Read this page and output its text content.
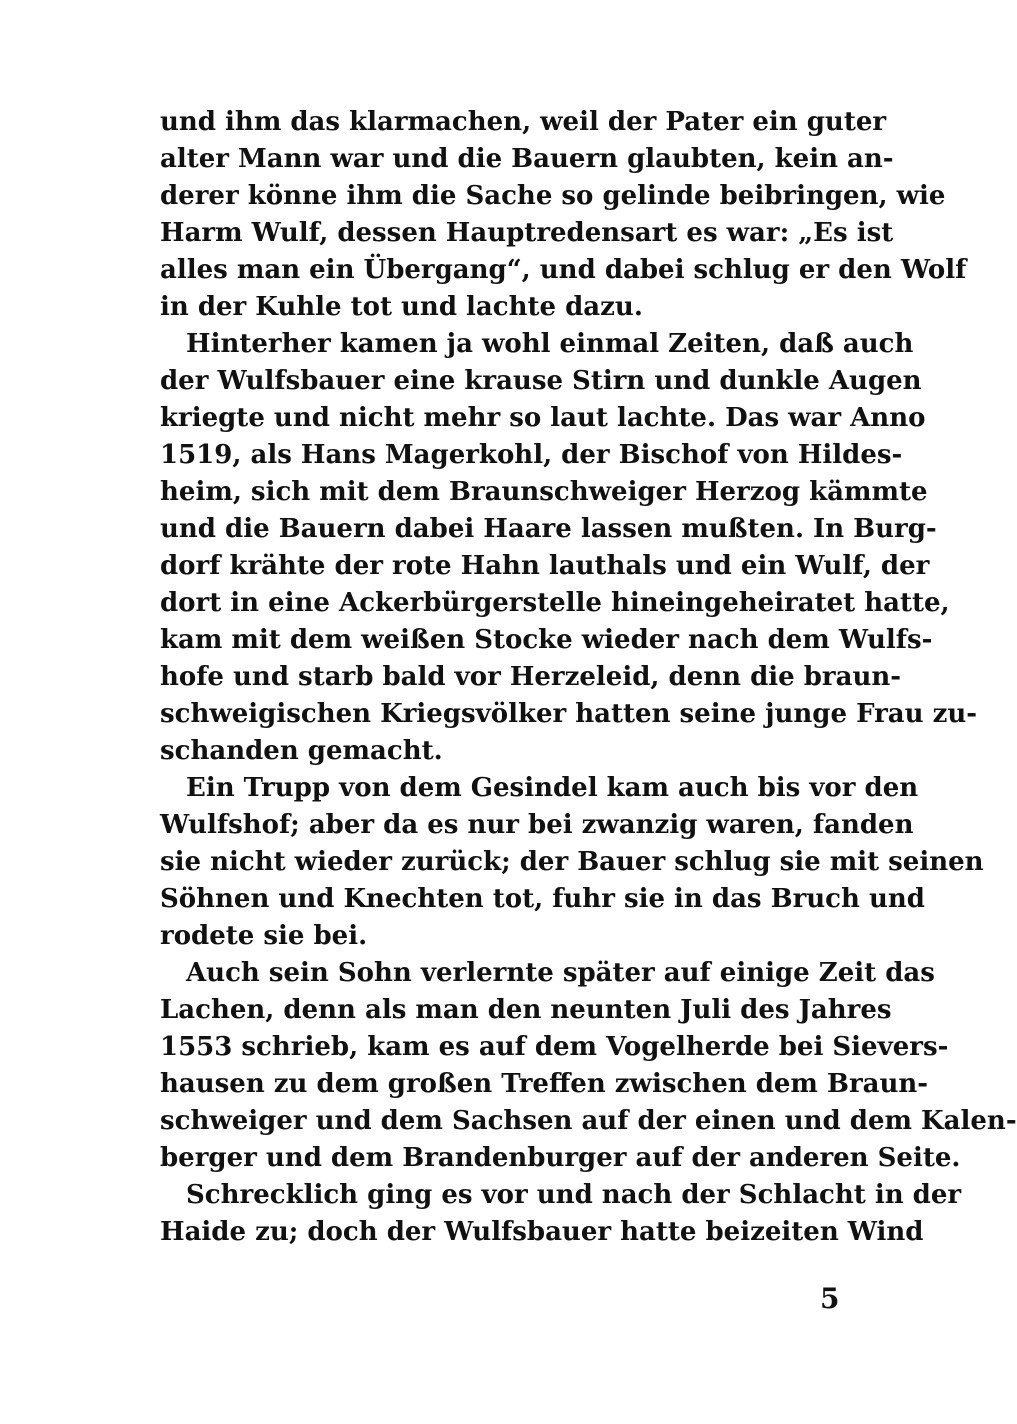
und ihm das klarmachen, weil der Pater ein guter
alter Mann war und die Bauern glaubten, kein an-
derer könne ihm die Sache so gelinde beibringen, wie
Harm Wulf, dessen Hauptredensart es war: „Es ist
alles man ein Übergang“, und dabei schlug er den Wolf
in der Kuhle tot und lachte dazu.
Hinterher kamen ja wohl einmal Zeiten, daß auch
der Wulfsbauer eine krause Stirn und dunkle Augen
kriegte und nicht mehr so laut lachte. Das war Anno
1519, als Hans Magerkohl, der Bischof von Hildes-
heim, sich mit dem Braunschweiger Herzog kämmte
und die Bauern dabei Haare lassen mußten. In Burg-
dorf krähte der rote Hahn lauthals und ein Wulf, der
dort in eine Ackerbürgerstelle hineingeheiratet hatte,
kam mit dem weißen Stocke wieder nach dem Wulfs-
hofe und starb bald vor Herzeleid, denn die braun-
schweigischen Kriegsvölker hatten seine junge Frau zu-
schanden gemacht.
Ein Trupp von dem Gesindel kam auch bis vor den
Wulfshof; aber da es nur bei zwanzig waren, fanden
sie nicht wieder zurück; der Bauer schlug sie mit seinen
Söhnen und Knechten tot, fuhr sie in das Bruch und
rodete sie bei.
Auch sein Sohn verlernte später auf einige Zeit das
Lachen, denn als man den neunten Juli des Jahres
1553 schrieb, kam es auf dem Vogelherde bei Sievers-
hausen zu dem großen Treffen zwischen dem Braun-
schweiger und dem Sachsen auf der einen und dem Kalen-
berger und dem Brandenburger auf der anderen Seite.
Schrecklich ging es vor und nach der Schlacht in der
Haide zu; doch der Wulfsbauer hatte beizeiten Wind
5
